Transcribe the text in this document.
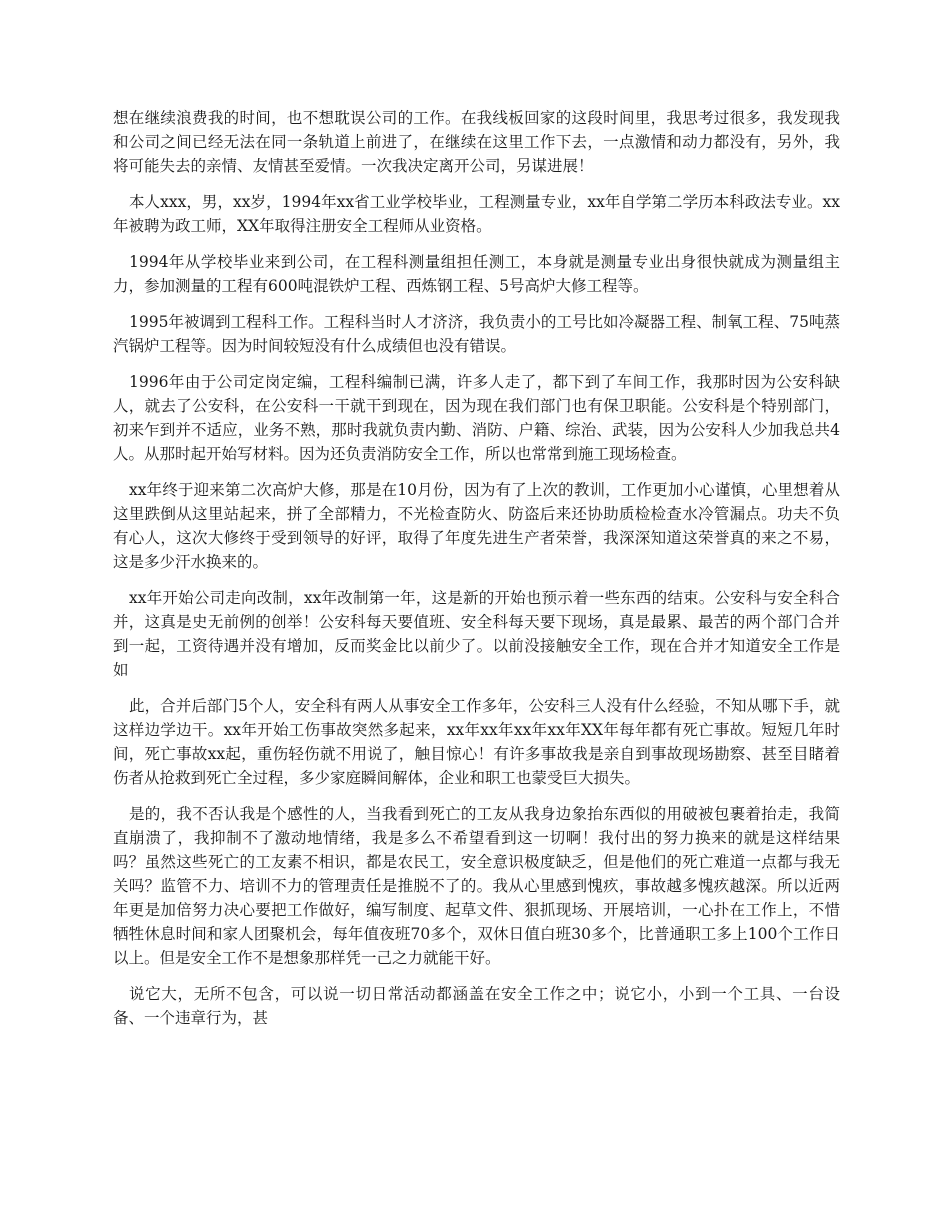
想在继续浪费我的时间，也不想耽误公司的工作。在我线板回家的这段时间里，我思考过很多，我发现我和公司之间已经无法在同一条轨道上前进了，在继续在这里工作下去，一点激情和动力都没有，另外，我将可能失去的亲情、友情甚至爱情。一次我决定离开公司，另谋进展！

本人xxx，男，xx岁，1994年xx省工业学校毕业，工程测量专业，xx年自学第二学历本科政法专业。xx年被聘为政工师，XX年取得注册安全工程师从业资格。

1994年从学校毕业来到公司，在工程科测量组担任测工，本身就是测量专业出身很快就成为测量组主力，参加测量的工程有600吨混铁炉工程、西炼钢工程、5号高炉大修工程等。

1995年被调到工程科工作。工程科当时人才济济，我负责小的工号比如冷凝器工程、制氧工程、75吨蒸汽锅炉工程等。因为时间较短没有什么成绩但也没有错误。

1996年由于公司定岗定编，工程科编制已满，许多人走了，都下到了车间工作，我那时因为公安科缺人，就去了公安科，在公安科一干就干到现在，因为现在我们部门也有保卫职能。公安科是个特别部门，初来乍到并不适应，业务不熟，那时我就负责内勤、消防、户籍、综治、武装，因为公安科人少加我总共4人。从那时起开始写材料。因为还负责消防安全工作，所以也常常到施工现场检查。

xx年终于迎来第二次高炉大修，那是在10月份，因为有了上次的教训，工作更加小心谨慎，心里想着从这里跌倒从这里站起来，拼了全部精力，不光检查防火、防盗后来还协助质检检查水冷管漏点。功夫不负有心人，这次大修终于受到领导的好评，取得了年度先进生产者荣誉，我深深知道这荣誉真的来之不易，这是多少汗水换来的。

xx年开始公司走向改制，xx年改制第一年，这是新的开始也预示着一些东西的结束。公安科与安全科合并，这真是史无前例的创举！公安科每天要值班、安全科每天要下现场，真是最累、最苦的两个部门合并到一起，工资待遇并没有增加，反而奖金比以前少了。以前没接触安全工作，现在合并才知道安全工作是如

此，合并后部门5个人，安全科有两人从事安全工作多年，公安科三人没有什么经验，不知从哪下手，就这样边学边干。xx年开始工伤事故突然多起来，xx年xx年xx年xx年XX年每年都有死亡事故。短短几年时间，死亡事故xx起，重伤轻伤就不用说了，触目惊心！有许多事故我是亲自到事故现场勘察、甚至目睹着伤者从抢救到死亡全过程，多少家庭瞬间解体，企业和职工也蒙受巨大损失。

是的，我不否认我是个感性的人，当我看到死亡的工友从我身边象抬东西似的用破被包裹着抬走，我简直崩溃了，我抑制不了激动地情绪，我是多么不希望看到这一切啊！我付出的努力换来的就是这样结果吗？虽然这些死亡的工友素不相识，都是农民工，安全意识极度缺乏，但是他们的死亡难道一点都与我无关吗？监管不力、培训不力的管理责任是推脱不了的。我从心里感到愧疚，事故越多愧疚越深。所以近两年更是加倍努力决心要把工作做好，编写制度、起草文件、狠抓现场、开展培训，一心扑在工作上，不惜牺牲休息时间和家人团聚机会，每年值夜班70多个，双休日值白班30多个，比普通职工多上100个工作日以上。但是安全工作不是想象那样凭一己之力就能干好。

说它大，无所不包含，可以说一切日常活动都涵盖在安全工作之中；说它小，小到一个工具、一台设备、一个违章行为，甚
